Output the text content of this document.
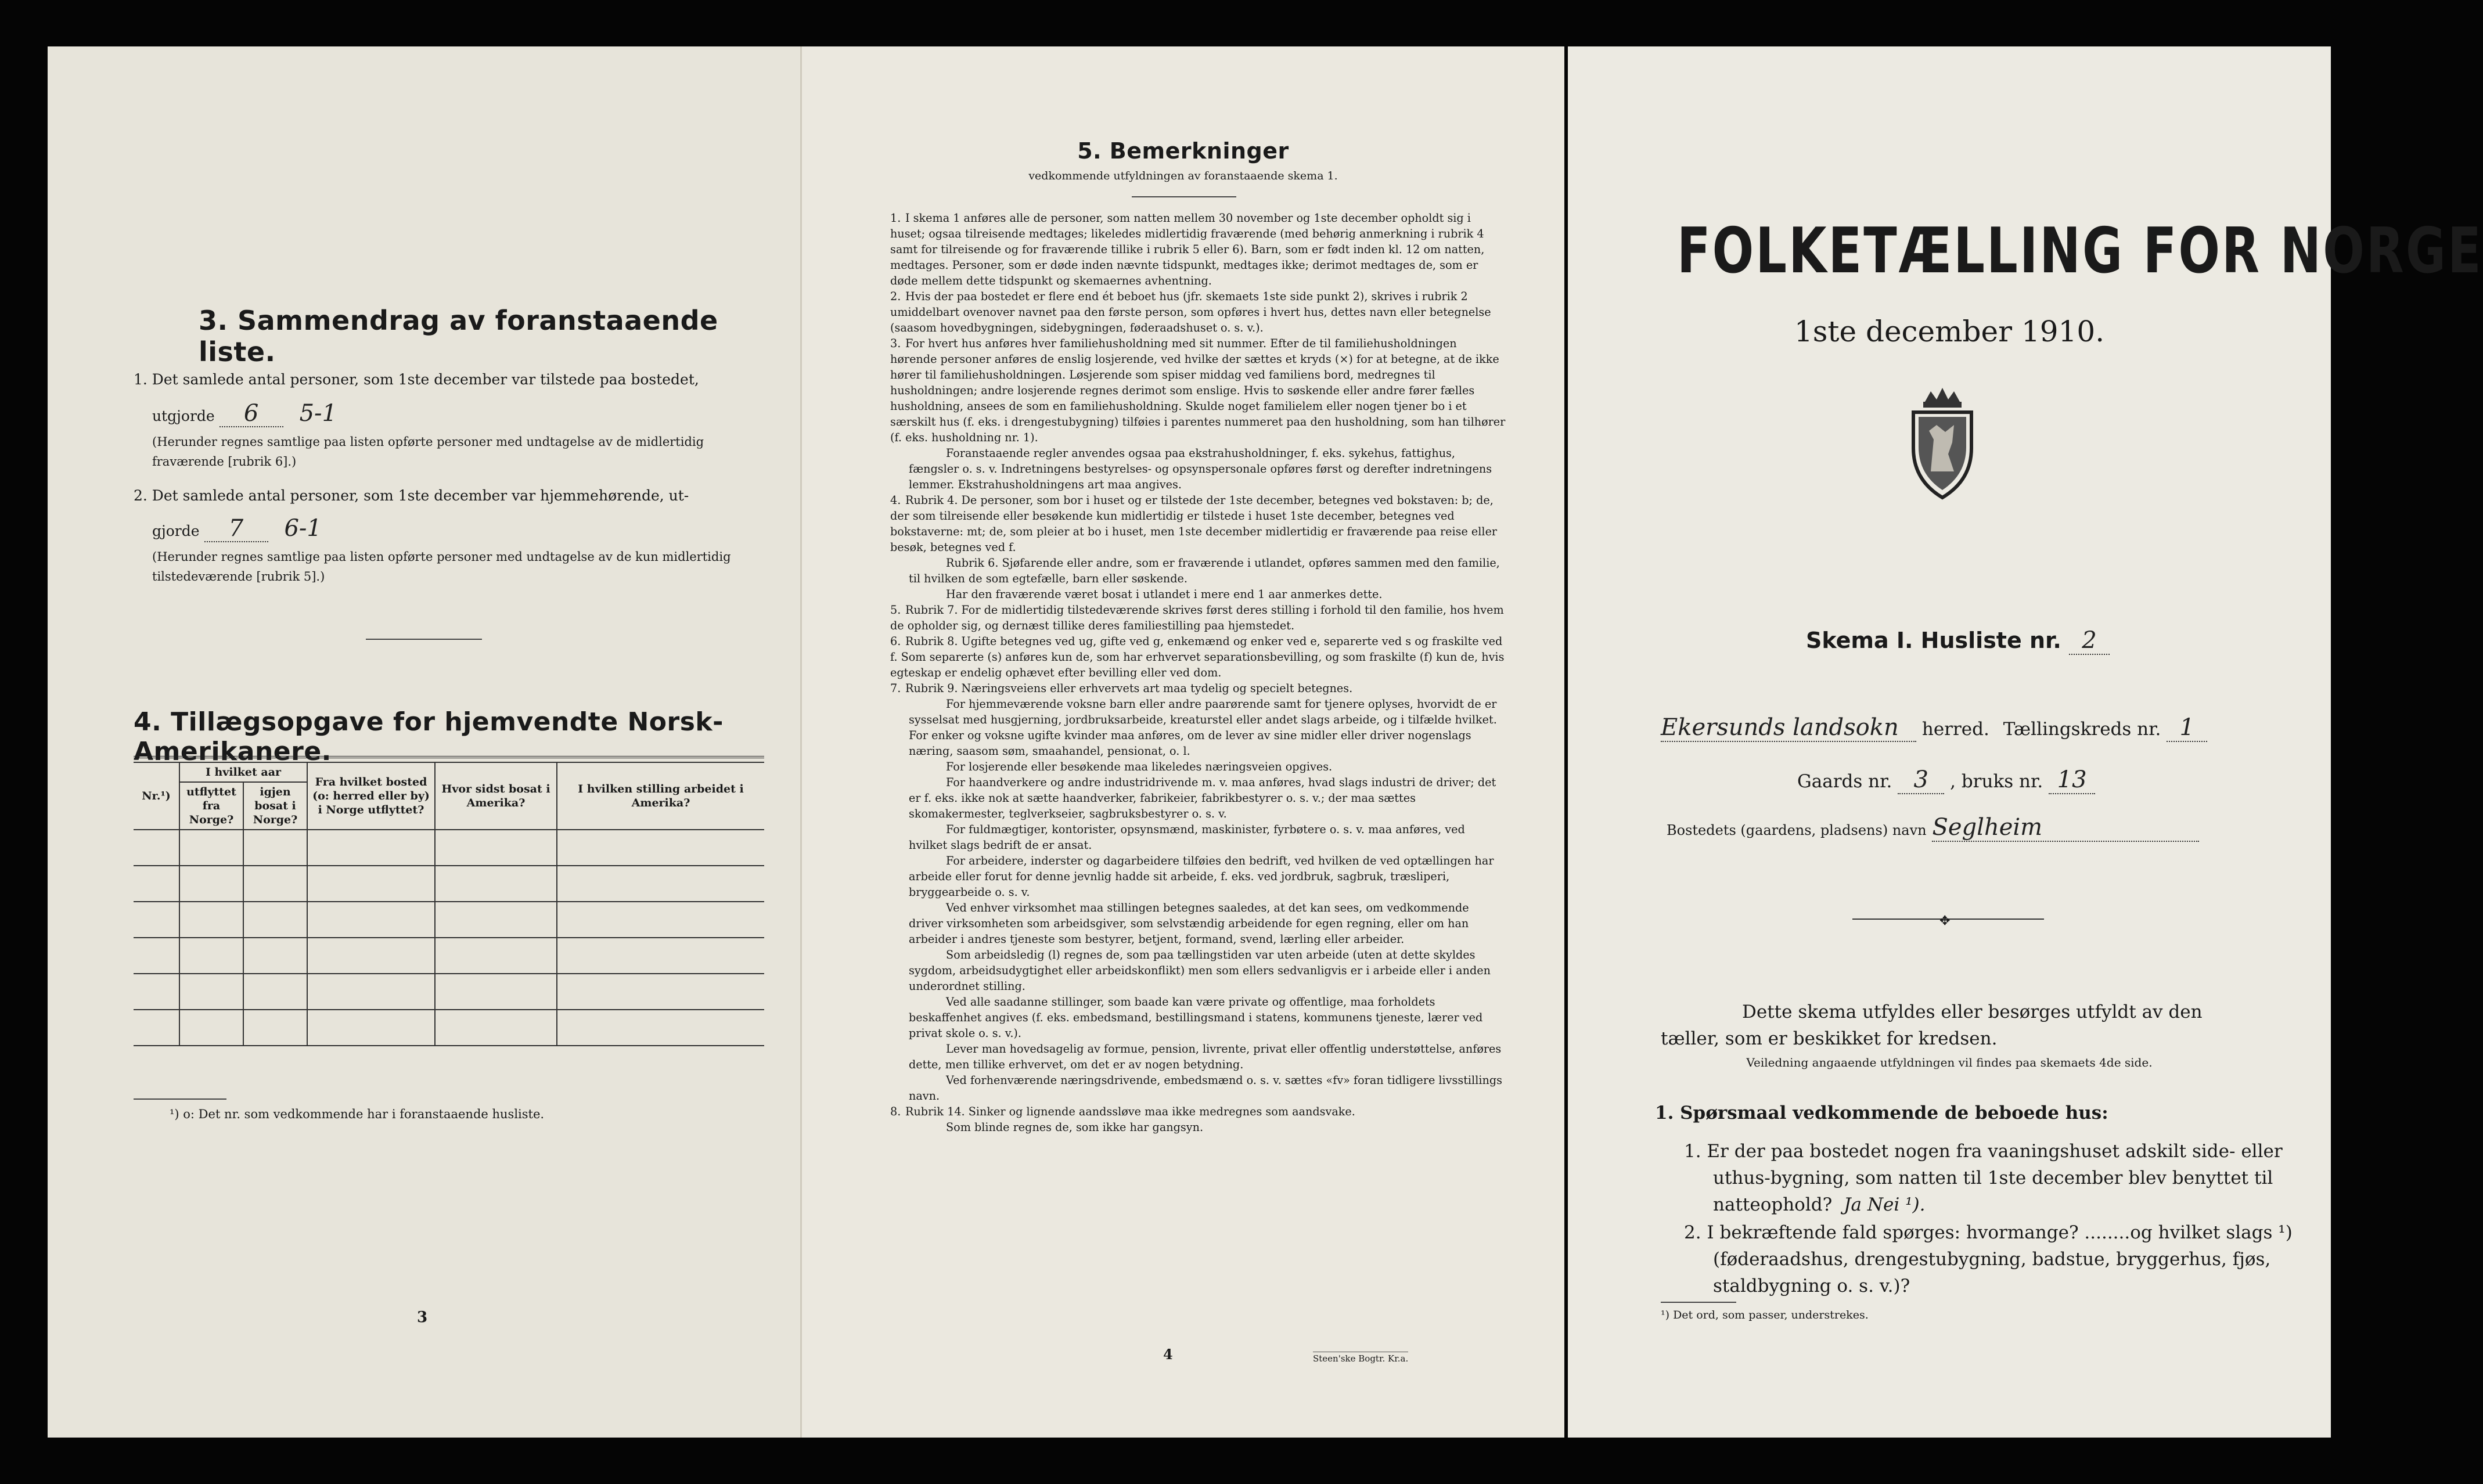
3. Sammendrag av foranstaaende liste.
1. Det samlede antal personer, som 1ste december var tilstede paa bostedet,
utgjorde 6 5-1
(Herunder regnes samtlige paa listen opførte personer med undtagelse av de midlertidig fraværende [rubrik 6].)
2. Det samlede antal personer, som 1ste december var hjemmehørende, ut-
gjorde 7 6-1
(Herunder regnes samtlige paa listen opførte personer med undtagelse av de kun midlertidig tilstedeværende [rubrik 5].)
4. Tillægsopgave for hjemvendte Norsk-Amerikanere.
Nr.¹)	I hvilket aar		Fra hvilket bosted (o: herred eller by) i Norge utflyttet?	Hvor sidst bosat i Amerika?	I hvilken stilling arbeidet i Amerika?
	utflyttet fra Norge?	igjen bosat i Norge?			

¹) o: Det nr. som vedkommende har i foranstaaende husliste.
3
5. Bemerkninger
vedkommende utfyldningen av foranstaaende skema 1.

1. I skema 1 anføres alle de personer, som natten mellem 30 november og 1ste december opholdt sig i huset; ogsaa tilreisende medtages; likeledes midlertidig fraværende (med behørig anmerkning i rubrik 4 samt for tilreisende og for fraværende tillike i rubrik 5 eller 6). Barn, som er født inden kl. 12 om natten, medtages. Personer, som er døde inden nævnte tidspunkt, medtages ikke; derimot medtages de, som er døde mellem dette tidspunkt og skemaernes avhentning.

2. Hvis der paa bostedet er flere end ét beboet hus (jfr. skemaets 1ste side punkt 2), skrives i rubrik 2 umiddelbart ovenover navnet paa den første person, som opføres i hvert hus, dettes navn eller betegnelse (saasom hovedbygningen, sidebygningen, føderaadshuset o. s. v.).

3. For hvert hus anføres hver familiehusholdning med sit nummer. Efter de til familiehusholdningen hørende personer anføres de enslig losjerende, ved hvilke der sættes et kryds (×) for at betegne, at de ikke hører til familiehusholdningen. Løsjerende som spiser middag ved familiens bord, medregnes til husholdningen; andre losjerende regnes derimot som enslige. Hvis to søskende eller andre fører fælles husholdning, ansees de som en familiehusholdning. Skulde noget familielem eller nogen tjener bo i et særskilt hus (f. eks. i drengestubygning) tilføies i parentes nummeret paa den husholdning, som han tilhører (f. eks. husholdning nr. 1).

Foranstaaende regler anvendes ogsaa paa ekstrahusholdninger, f. eks. sykehus, fattighus, fængsler o. s. v. Indretningens bestyrelses- og opsynspersonale opføres først og derefter indretningens lemmer. Ekstrahusholdningens art maa angives.

4. Rubrik 4. De personer, som bor i huset og er tilstede der 1ste december, betegnes ved bokstaven: b; de, der som tilreisende eller besøkende kun midlertidig er tilstede i huset 1ste december, betegnes ved bokstaverne: mt; de, som pleier at bo i huset, men 1ste december midlertidig er fraværende paa reise eller besøk, betegnes ved f.

Rubrik 6. Sjøfarende eller andre, som er fraværende i utlandet, opføres sammen med den familie, til hvilken de som egtefælle, barn eller søskende.

Har den fraværende været bosat i utlandet i mere end 1 aar anmerkes dette.

5. Rubrik 7. For de midlertidig tilstedeværende skrives først deres stilling i forhold til den familie, hos hvem de opholder sig, og dernæst tillike deres familiestilling paa hjemstedet.

6. Rubrik 8. Ugifte betegnes ved ug, gifte ved g, enkemænd og enker ved e, separerte ved s og fraskilte ved f. Som separerte (s) anføres kun de, som har erhvervet separationsbevilling, og som fraskilte (f) kun de, hvis egteskap er endelig ophævet efter bevilling eller ved dom.

7. Rubrik 9. Næringsveiens eller erhvervets art maa tydelig og specielt betegnes.

For hjemmeværende voksne barn eller andre paarørende samt for tjenere oplyses, hvorvidt de er sysselsat med husgjerning, jordbruksarbeide, kreaturstel eller andet slags arbeide, og i tilfælde hvilket. For enker og voksne ugifte kvinder maa anføres, om de lever av sine midler eller driver nogenslags næring, saasom søm, smaahandel, pensionat, o. l.

For losjerende eller besøkende maa likeledes næringsveien opgives.

For haandverkere og andre industridrivende m. v. maa anføres, hvad slags industri de driver; det er f. eks. ikke nok at sætte haandverker, fabrikeier, fabrikbestyrer o. s. v.; der maa sættes skomakermester, teglverkseier, sagbruksbestyrer o. s. v.

For fuldmægtiger, kontorister, opsynsmænd, maskinister, fyrbøtere o. s. v. maa anføres, ved hvilket slags bedrift de er ansat.

For arbeidere, inderster og dagarbeidere tilføies den bedrift, ved hvilken de ved optællingen har arbeide eller forut for denne jevnlig hadde sit arbeide, f. eks. ved jordbruk, sagbruk, træsliperi, bryggearbeide o. s. v.

Ved enhver virksomhet maa stillingen betegnes saaledes, at det kan sees, om vedkommende driver virksomheten som arbeidsgiver, som selvstændig arbeidende for egen regning, eller om han arbeider i andres tjeneste som bestyrer, betjent, formand, svend, lærling eller arbeider.

Som arbeidsledig (l) regnes de, som paa tællingstiden var uten arbeide (uten at dette skyldes sygdom, arbeidsudygtighet eller arbeidskonflikt) men som ellers sedvanligvis er i arbeide eller i anden underordnet stilling.

Ved alle saadanne stillinger, som baade kan være private og offentlige, maa forholdets beskaffenhet angives (f. eks. embedsmand, bestillingsmand i statens, kommunens tjeneste, lærer ved privat skole o. s. v.).

Lever man hovedsagelig av formue, pension, livrente, privat eller offentlig understøttelse, anføres dette, men tillike erhvervet, om det er av nogen betydning.

Ved forhenværende næringsdrivende, embedsmænd o. s. v. sættes «fv» foran tidligere livsstillings navn.

8. Rubrik 14. Sinker og lignende aandssløve maa ikke medregnes som aandsvake.

Som blinde regnes de, som ikke har gangsyn.

4	Steen'ske Bogtr. Kr.a.
FOLKETÆLLING FOR NORGE
1ste december 1910.
Skema I. Husliste nr. 2
Ekersunds landsokn herred. Tællingskreds nr. 1
Gaards nr. 3 , bruks nr. 13
Bostedets (gaardens, pladsens) navn Seglheim
✥
Dette skema utfyldes eller besørges utfyldt av den tæller, som er beskikket for kredsen.
Veiledning angaaende utfyldningen vil findes paa skemaets 4de side.
1. Spørsmaal vedkommende de beboede hus:
1. Er der paa bostedet nogen fra vaaningshuset adskilt side- eller uthus-bygning, som natten til 1ste december blev benyttet til natteophold? Ja Nei ¹).
2. I bekræftende fald spørges: hvormange? ........og hvilket slags ¹) (føderaadshus, drengestubygning, badstue, bryggerhus, fjøs, staldbygning o. s. v.)?
¹) Det ord, som passer, understrekes.
